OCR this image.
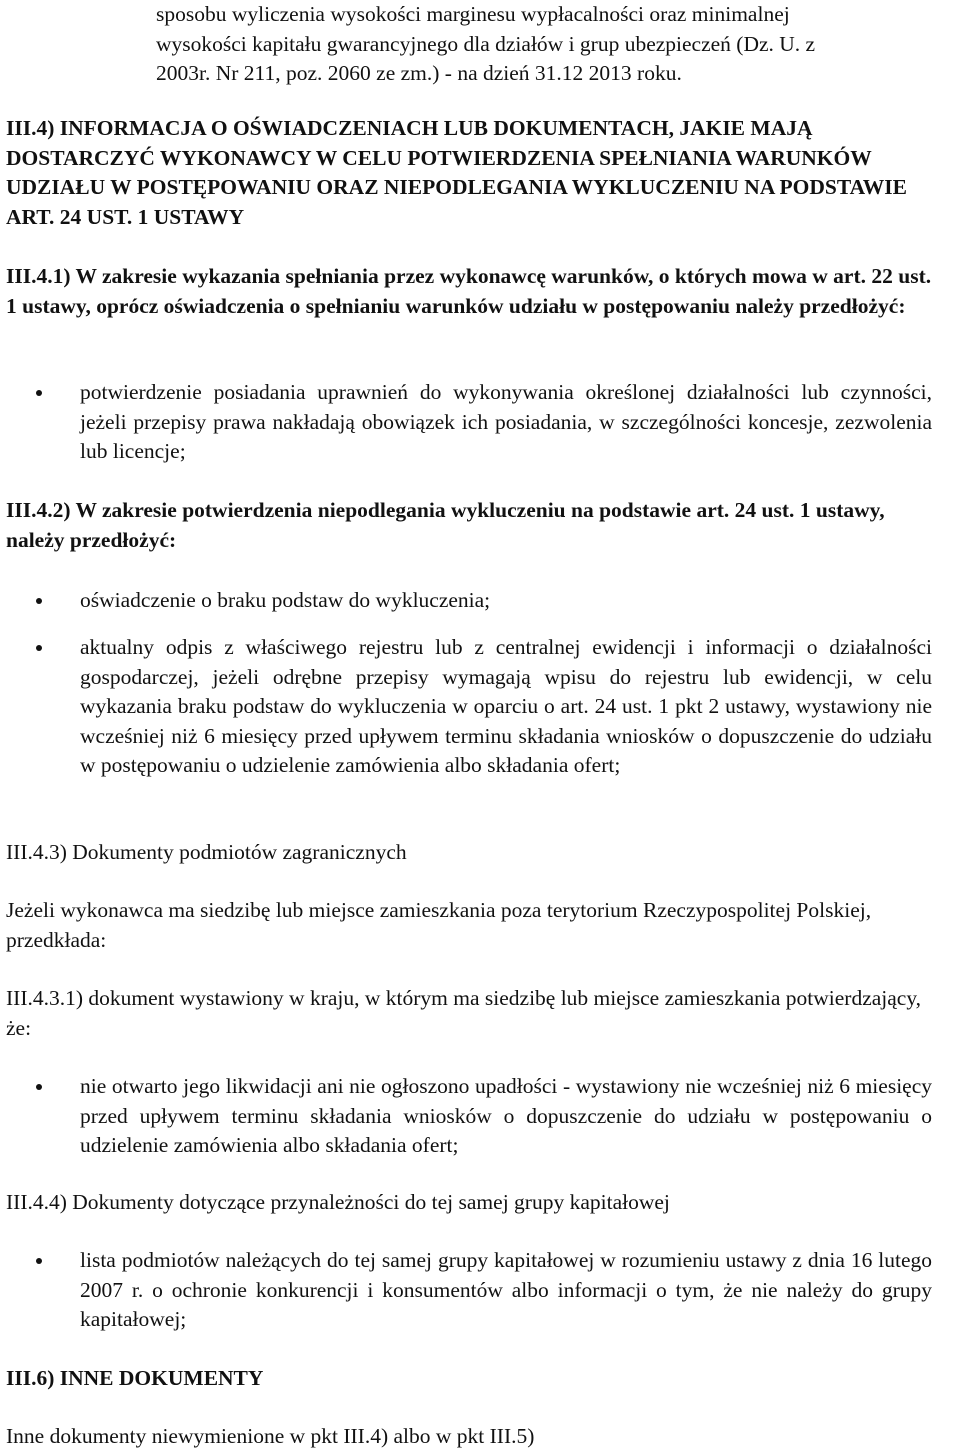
sposobu wyliczenia wysokości marginesu wypłacalności oraz minimalnej
wysokości kapitału gwarancyjnego dla działów i grup ubezpieczeń (Dz. U. z
2003r. Nr 211, poz. 2060 ze zm.) - na dzień 31.12 2013 roku.

III.4) INFORMACJA O OŚWIADCZENIACH LUB DOKUMENTACH, JAKIE MAJĄ DOSTARCZYĆ WYKONAWCY W CELU POTWIERDZENIA SPEŁNIANIA WARUNKÓW UDZIAŁU W POSTĘPOWANIU ORAZ NIEPODLEGANIA WYKLUCZENIU NA PODSTAWIE ART. 24 UST. 1 USTAWY

III.4.1) W zakresie wykazania spełniania przez wykonawcę warunków, o których mowa w art. 22 ust. 1 ustawy, oprócz oświadczenia o spełnianiu warunków udziału w postępowaniu należy przedłożyć:

potwierdzenie posiadania uprawnień do wykonywania określonej działalności lub czynności, jeżeli przepisy prawa nakładają obowiązek ich posiadania, w szczególności koncesje, zezwolenia lub licencje;

III.4.2) W zakresie potwierdzenia niepodlegania wykluczeniu na podstawie art. 24 ust. 1 ustawy, należy przedłożyć:

oświadczenie o braku podstaw do wykluczenia;
aktualny odpis z właściwego rejestru lub z centralnej ewidencji i informacji o działalności gospodarczej, jeżeli odrębne przepisy wymagają wpisu do rejestru lub ewidencji, w celu wykazania braku podstaw do wykluczenia w oparciu o art. 24 ust. 1 pkt 2 ustawy, wystawiony nie wcześniej niż 6 miesięcy przed upływem terminu składania wniosków o dopuszczenie do udziału w postępowaniu o udzielenie zamówienia albo składania ofert;

III.4.3) Dokumenty podmiotów zagranicznych

Jeżeli wykonawca ma siedzibę lub miejsce zamieszkania poza terytorium Rzeczypospolitej Polskiej, przedkłada:

III.4.3.1) dokument wystawiony w kraju, w którym ma siedzibę lub miejsce zamieszkania potwierdzający, że:

nie otwarto jego likwidacji ani nie ogłoszono upadłości - wystawiony nie wcześniej niż 6 miesięcy przed upływem terminu składania wniosków o dopuszczenie do udziału w postępowaniu o udzielenie zamówienia albo składania ofert;

III.4.4) Dokumenty dotyczące przynależności do tej samej grupy kapitałowej

lista podmiotów należących do tej samej grupy kapitałowej w rozumieniu ustawy z dnia 16 lutego 2007 r. o ochronie konkurencji i konsumentów albo informacji o tym, że nie należy do grupy kapitałowej;

III.6) INNE DOKUMENTY

Inne dokumenty niewymienione w pkt III.4) albo w pkt III.5)
